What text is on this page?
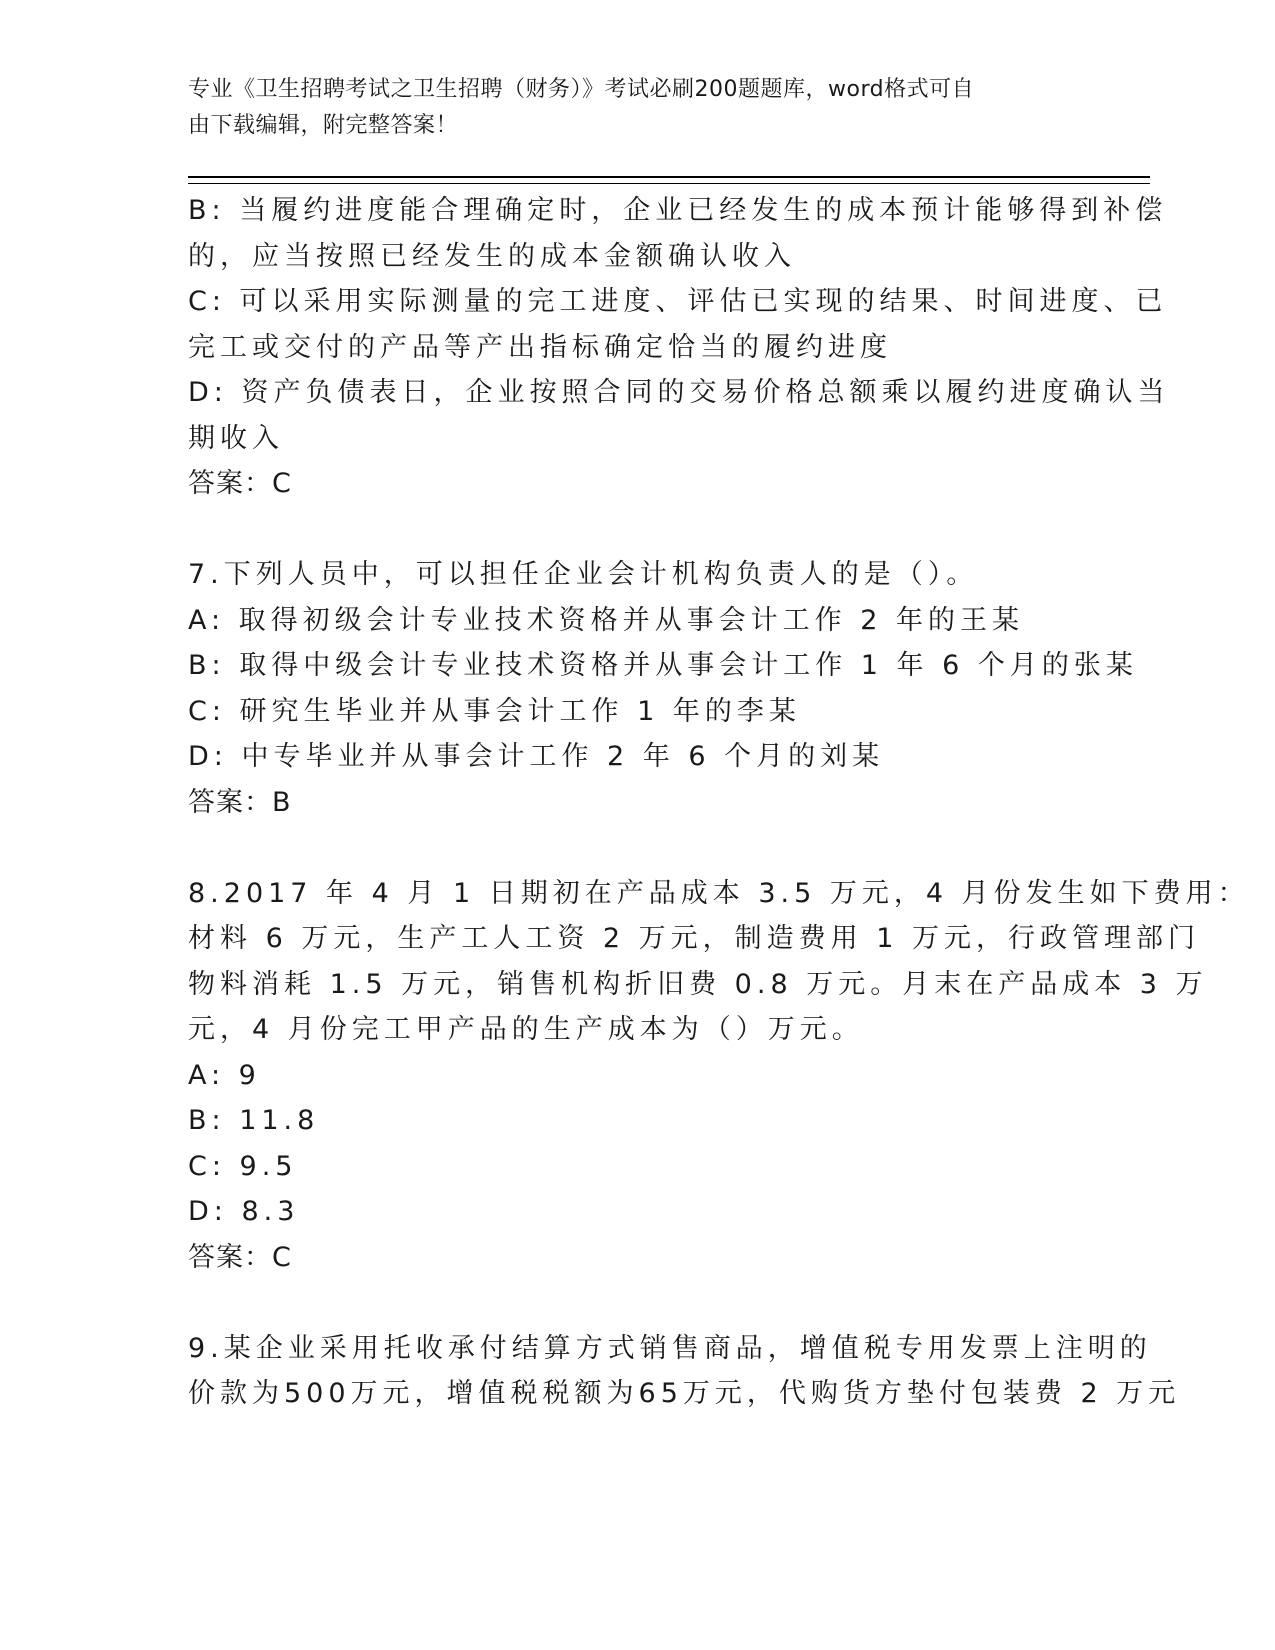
专业《卫生招聘考试之卫生招聘（财务）》考试必刷200题题库，word格式可自
由下载编辑，附完整答案！
B: 当履约进度能合理确定时，企业已经发生的成本预计能够得到补偿
的，应当按照已经发生的成本金额确认收入
C: 可以采用实际测量的完工进度、评估已实现的结果、时间进度、已
完工或交付的产品等产出指标确定恰当的履约进度
D: 资产负债表日，企业按照合同的交易价格总额乘以履约进度确认当
期收入
答案：C
7.下列人员中，可以担任企业会计机构负责人的是（）。
A: 取得初级会计专业技术资格并从事会计工作 2 年的王某
B: 取得中级会计专业技术资格并从事会计工作 1 年 6 个月的张某
C: 研究生毕业并从事会计工作 1 年的李某
D: 中专毕业并从事会计工作 2 年 6 个月的刘某
答案：B
8.2017 年 4 月 1 日期初在产品成本 3.5 万元，4 月份发生如下费用：
材料 6 万元，生产工人工资 2 万元，制造费用 1 万元，行政管理部门
物料消耗 1.5 万元，销售机构折旧费 0.8 万元。月末在产品成本 3 万
元，4 月份完工甲产品的生产成本为（）万元。
A: 9
B: 11.8
C: 9.5
D: 8.3
答案：C
9.某企业采用托收承付结算方式销售商品，增值税专用发票上注明的
价款为500万元，增值税税额为65万元，代购货方垫付包装费 2 万元
